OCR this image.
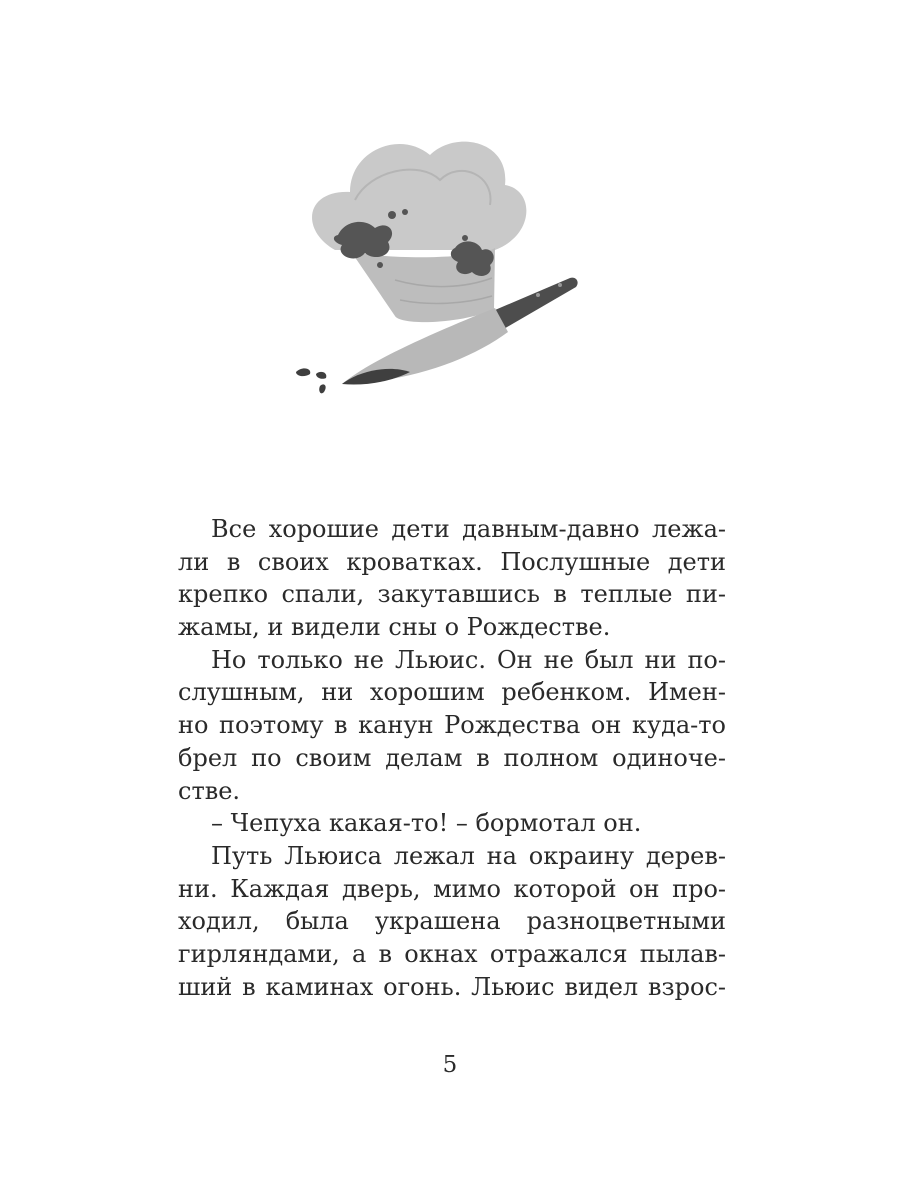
Все хорошие дети давным-давно лежа-
ли в своих кроватках. Послушные дети
крепко спали, закутавшись в теплые пи-
жамы, и видели сны о Рождестве.
Но только не Льюис. Он не был ни по-
слушным, ни хорошим ребенком. Имен-
но поэтому в канун Рождества он куда-то
брел по своим делам в полном одиноче-
стве.
– Чепуха какая-то! – бормотал он.
Путь Льюиса лежал на окраину дерев-
ни. Каждая дверь, мимо которой он про-
ходил, была украшена разноцветными
гирляндами, а в окнах отражался пылав-
ший в каминах огонь. Льюис видел взрос-
5
